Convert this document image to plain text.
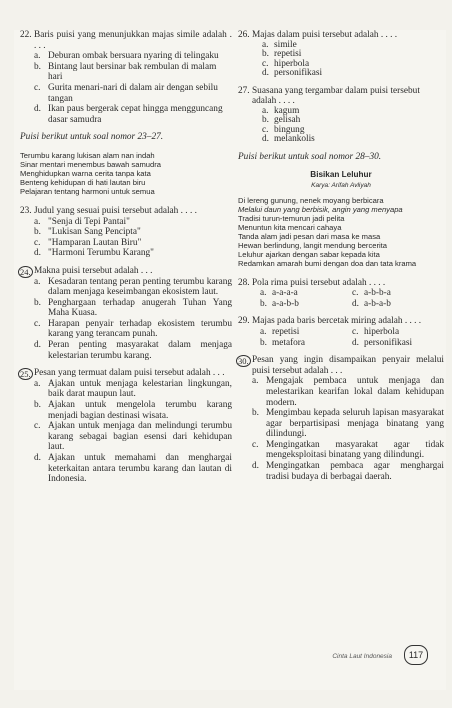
22. Baris puisi yang menunjukkan majas simile adalah . . . .
a. Deburan ombak bersuara nyaring di telingaku
b. Bintang laut bersinar bak rembulan di malam hari
c. Gurita menari-nari di dalam air dengan sebilu tangan
d. Ikan paus bergerak cepat hingga mengguncang dasar samudra
Puisi berikut untuk soal nomor 23–27.
Terumbu karang lukisan alam nan indah
Sinar mentari menembus bawah samudra
Menghidupkan warna cerita tanpa kata
Benteng kehidupan di hati lautan biru
Pelajaran tentang harmoni untuk semua
23. Judul yang sesuai puisi tersebut adalah . . . .
a. "Senja di Tepi Pantai"
b. "Lukisan Sang Pencipta"
c. "Hamparan Lautan Biru"
d. "Harmoni Terumbu Karang"
24. Makna puisi tersebut adalah . . .
a. Kesadaran tentang peran penting terumbu karang dalam menjaga keseimbangan ekosistem laut.
b. Penghargaan terhadap anugerah Tuhan Yang Maha Kuasa.
c. Harapan penyair terhadap ekosistem terumbu karang yang terancam punah.
d. Peran penting masyarakat dalam menjaga kelestarian terumbu karang.
25. Pesan yang termuat dalam puisi tersebut adalah . . .
a. Ajakan untuk menjaga kelestarian lingkungan, baik darat maupun laut.
b. Ajakan untuk mengelola terumbu karang menjadi bagian destinasi wisata.
c. Ajakan untuk menjaga dan melindungi terumbu karang sebagai bagian esensi dari kehidupan laut.
d. Ajakan untuk memahami dan menghargai keterkaitan antara terumbu karang dan lautan di Indonesia.
26. Majas dalam puisi tersebut adalah . . . .
a. simile
b. repetisi
c. hiperbola
d. personifikasi
27. Suasana yang tergambar dalam puisi tersebut adalah . . . .
a. kagum
b. gelisah
c. bingung
d. melankolis
Puisi berikut untuk soal nomor 28–30.
Bisikan Leluhur
Karya: Arifah Avliyah
Di lereng gunung, nenek moyang berbicara
Melalui daun yang berbisik, angin yang menyapa
Tradisi turun-temurun jadi pelita
Menuntun kita mencari cahaya
Tanda alam jadi pesan dari masa ke masa
Hewan berlindung, langit mendung bercerita
Leluhur ajarkan dengan sabar kepada kita
Redamkan amarah bumi dengan doa dan tata krama
28. Pola rima puisi tersebut adalah . . . .
a. a-a-a-a	c. a-b-b-a
b. a-a-b-b	d. a-b-a-b
29. Majas pada baris bercetak miring adalah . . . .
a. repetisi	c. hiperbola
b. metafora	d. personifikasi
30. Pesan yang ingin disampaikan penyair melalui puisi tersebut adalah . . .
a. Mengajak pembaca untuk menjaga dan melestarikan kearifan lokal dalam kehidupan modern.
b. Mengimbau kepada seluruh lapisan masyarakat agar berpartisipasi menjaga binatang yang dilindungi.
c. Mengingatkan masyarakat agar tidak mengeksploitasi binatang yang dilindungi.
d. Mengingatkan pembaca agar menghargai tradisi budaya di berbagai daerah.
Cinta Laut Indonesia	117
